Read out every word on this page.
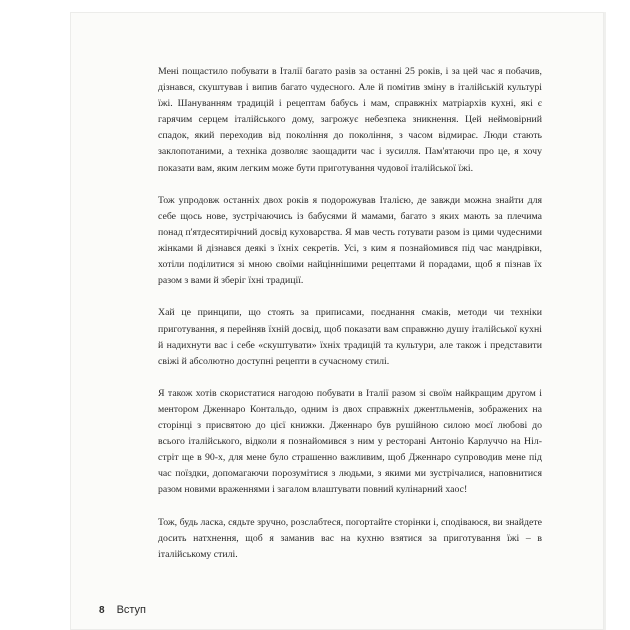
Мені пощастило побувати в Італії багато разів за останні 25 років, і за цей час я побачив, дізнався, скуштував і випив багато чудесного. Але й помітив зміну в італійській культурі їжі. Шануванням традицій і рецептам бабусь і мам, справжніх матріархів кухні, які є гарячим серцем італійського дому, загрожує небезпека зникнення. Цей неймовірний спадок, який переходив від покоління до покоління, з часом відмирає. Люди стають заклопотаними, а техніка дозволяє заощадити час і зусилля. Пам'ятаючи про це, я хочу показати вам, яким легким може бути приготування чудової італійської їжі.

Тож упродовж останніх двох років я подорожував Італією, де завжди можна знайти для себе щось нове, зустрічаючись із бабусями й мамами, багато з яких мають за плечима понад п'ятдесятирічний досвід куховарства. Я мав честь готувати разом із цими чудесними жінками й дізнався деякі з їхніх секретів. Усі, з ким я познайомився під час мандрівки, хотіли поділитися зі мною своїми найціннішими рецептами й порадами, щоб я пізнав їх разом з вами й зберіг їхні традиції.

Хай це принципи, що стоять за приписами, поєднання смаків, методи чи техніки приготування, я перейняв їхній досвід, щоб показати вам справжню душу італійської кухні й надихнути вас і себе «скуштувати» їхніх традицій та культури, але також і представити свіжі й абсолютно доступні рецепти в сучасному стилі.

Я також хотів скористатися нагодою побувати в Італії разом зі своїм найкращим другом і ментором Дженнаро Контальдо, одним із двох справжніх джентльменів, зображених на сторінці з присвятою до цієї книжки. Дженнаро був рушійною силою моєї любові до всього італійського, відколи я познайомився з ним у ресторані Антоніо Карлуччо на Ніл-стріт ще в 90-х, для мене було страшенно важливим, щоб Дженнаро супроводив мене під час поїздки, допомагаючи порозумітися з людьми, з якими ми зустрічалися, наповнитися разом новими враженнями і загалом влаштувати повний кулінарний хаос!

Тож, будь ласка, сядьте зручно, розслабтеся, погортайте сторінки і, сподіваюся, ви знайдете досить натхнення, щоб я заманив вас на кухню взятися за приготування їжі – в італійському стилі.

8 Вступ
